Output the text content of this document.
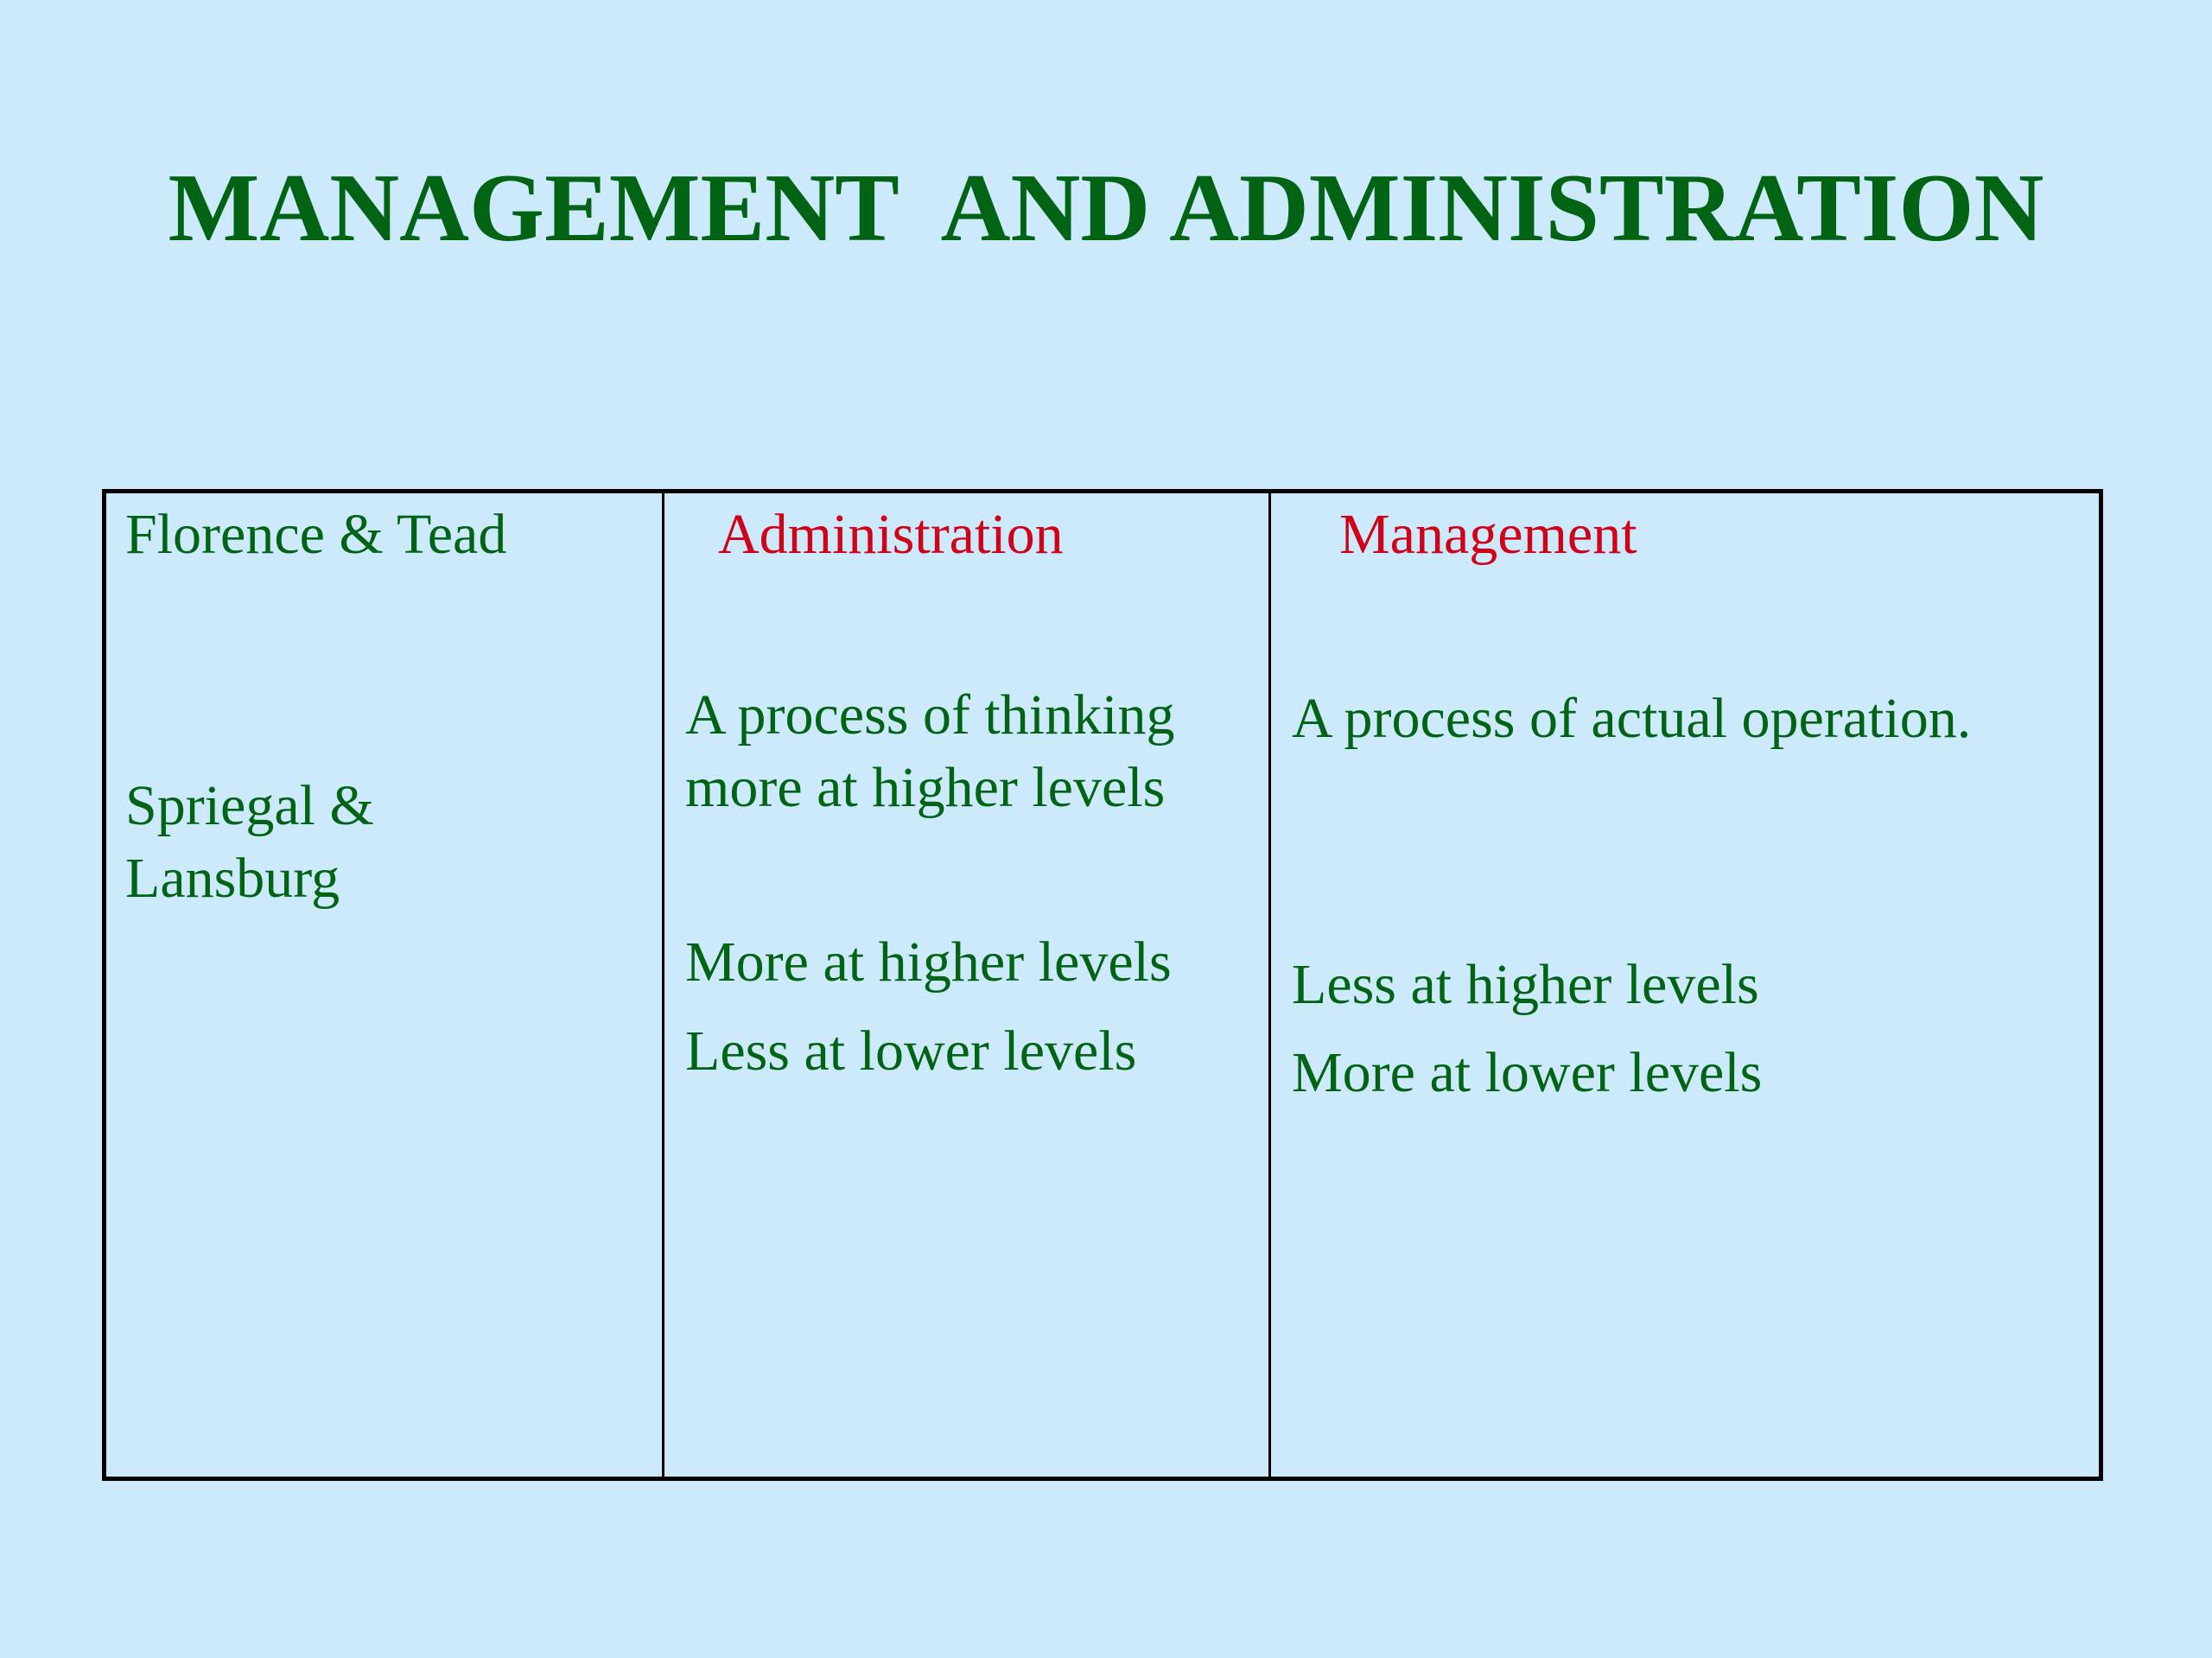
MANAGEMENT  AND ADMINISTRATION

Florence & Tead

Spriegal &

Lansburg

Administration

A process of thinking

more at higher levels

More at higher levels

Less at lower levels

Management

A process of actual operation.

Less at higher levels

More at lower levels
